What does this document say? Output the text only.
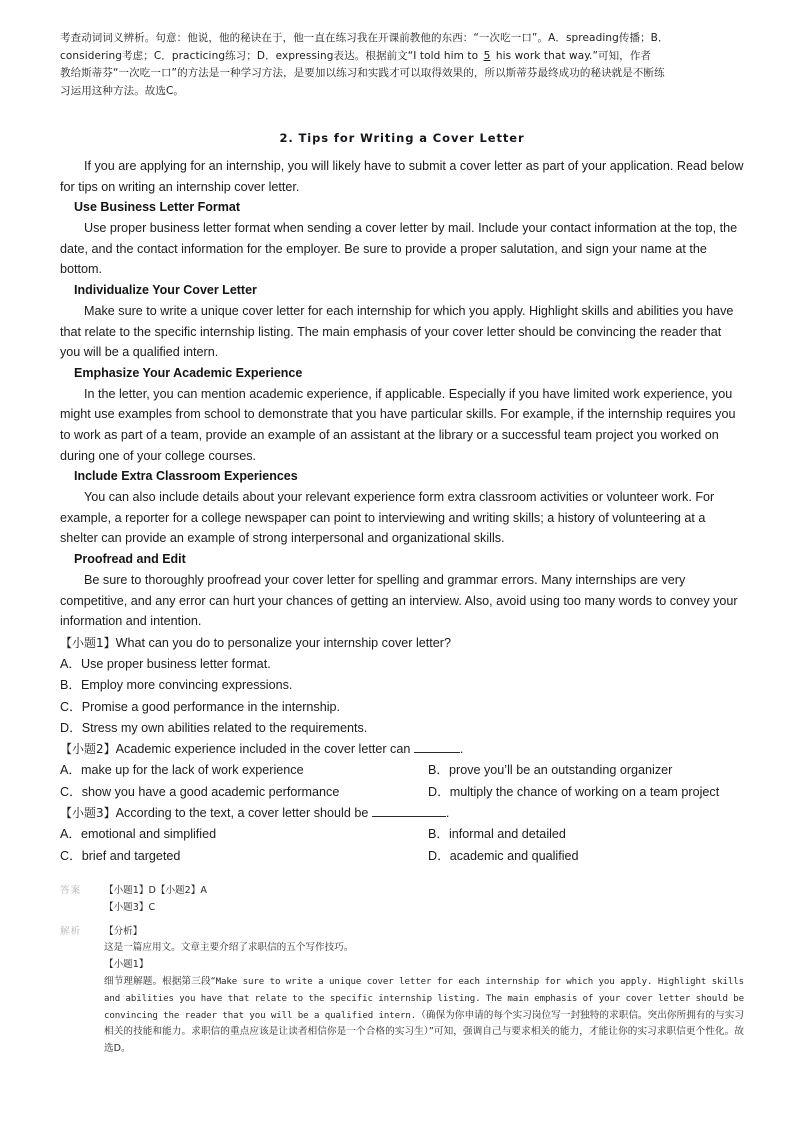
考查动词词义辨析。句意：他说，他的秘诀在于，他一直在练习我在开课前教他的东西：“一次吃一口”。A．spreading传播；B．

considering考虑；C．practicing练习；D．expressing表达。根据前文“I told him to 5 his work that way.”可知，作者

教给斯蒂芬“一次吃一口”的方法是一种学习方法，是要加以练习和实践才可以取得效果的，所以斯蒂芬最终成功的秘诀就是不断练

习运用这种方法。故选C。

2. Tips for Writing a Cover Letter

If you are applying for an internship, you will likely have to submit a cover letter as part of your application. Read below for tips on writing an internship cover letter.

Use Business Letter Format

Use proper business letter format when sending a cover letter by mail. Include your contact information at the top, the date, and the contact information for the employer. Be sure to provide a proper salutation, and sign your name at the bottom.

Individualize Your Cover Letter

Make sure to write a unique cover letter for each internship for which you apply. Highlight skills and abilities you have that relate to the specific internship listing. The main emphasis of your cover letter should be convincing the reader that you will be a qualified intern.

Emphasize Your Academic Experience

In the letter, you can mention academic experience, if applicable. Especially if you have limited work experience, you might use examples from school to demonstrate that you have particular skills. For example, if the internship requires you to work as part of a team, provide an example of an assistant at the library or a successful team project you worked on during one of your college courses.

Include Extra Classroom Experiences

You can also include details about your relevant experience form extra classroom activities or volunteer work. For example, a reporter for a college newspaper can point to interviewing and writing skills; a history of volunteering at a shelter can provide an example of strong interpersonal and organizational skills.

Proofread and Edit

Be sure to thoroughly proofread your cover letter for spelling and grammar errors. Many internships are very competitive, and any error can hurt your chances of getting an interview. Also, avoid using too many words to convey your information and intention.

【小题1】What can you do to personalize your internship cover letter?

A．Use proper business letter format.

B．Employ more convincing expressions.

C．Promise a good performance in the internship.

D．Stress my own abilities related to the requirements.

【小题2】Academic experience included in the cover letter can	.

A．make up for the lack of work experience	B．prove you’ll be an outstanding organizer
C．show you have a good academic performance	D．multiply the chance of working on a team project

【小题3】According to the text, a cover letter should be	.

A．emotional and simplified	B．informal and detailed
C．brief and targeted	D．academic and qualified
答案	【小题1】D【小题2】A

【小题3】C

解析	【分析】

这是一篇应用文。文章主要介绍了求职信的五个写作技巧。

【小题1】

细节理解题。根据第三段“Make sure to write a unique cover letter for each internship for which you apply. Highlight skills and abilities you have that relate to the specific internship listing. The main emphasis of your cover letter should be convincing the reader that you will be a qualified intern.（确保为你申请的每个实习岗位写一封独特的求职信。突出你所拥有的与实习相关的技能和能力。求职信的重点应该是让读者相信你是一个合格的实习生）”可知，强调自己与要求相关的能力，才能让你的实习求职信更个性化。故选D。
